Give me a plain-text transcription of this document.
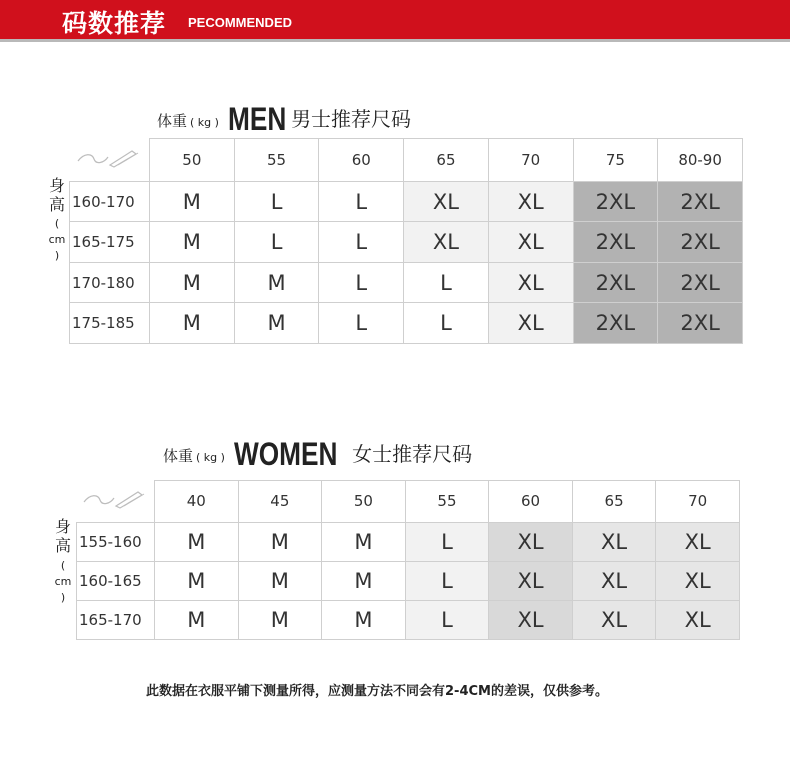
码数推荐 PECOMMENDED
体重 ( kg ) MEN 男士推荐尺码
身
高
(
cm
)
	50	55	60	65	70	75	80-90
160-170	M	L	L	XL	XL	2XL	2XL
165-175	M	L	L	XL	XL	2XL	2XL
170-180	M	M	L	L	XL	2XL	2XL
175-185	M	M	L	L	XL	2XL	2XL
体重 ( kg ) WOMEN 女士推荐尺码
身
高
(
cm
)
	40	45	50	55	60	65	70
155-160	M	M	M	L	XL	XL	XL
160-165	M	M	M	L	XL	XL	XL
165-170	M	M	M	L	XL	XL	XL
此数据在衣服平铺下测量所得，应测量方法不同会有2-4CM的差误，仅供参考。
